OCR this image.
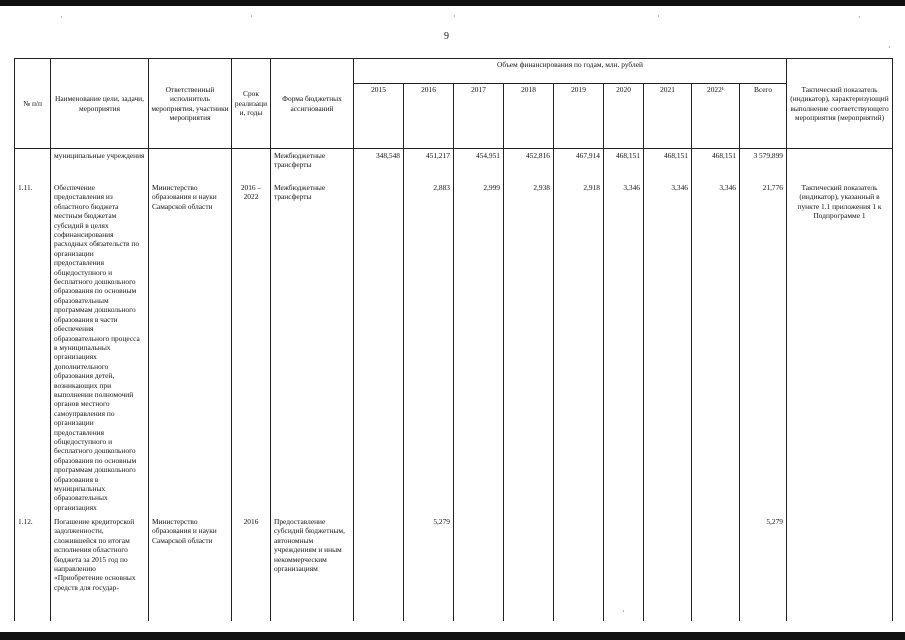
·	·	·	·	·
·
·
9
№ п/п	Наименование цели, задачи, мероприятия	Ответственный исполнитель мероприятия, участники мероприятия	Срок реализации, годы	Форма бюджетных ассигнований	Объем финансирования по годам, млн. рублей									Тактический показатель (индикатор), характеризующий выполнение соответствующего мероприятия (мероприятий)
					2015	2016	2017	2018	2019	2020	2021	2022¹	Всего	
	муниципальные учреждения			Межбюджетные трансферты	348,548	451,217	454,951	452,816	467,914	468,151	468,151	468,151	3 579,899	
1.11.	Обеспечение предоставления из областного бюджета местным бюджетам субсидий в целях софинансирования расходных обязательств по организации предоставления общедоступного и бесплатного дошкольного образования по основным образовательным программам дошкольного образования в части обеспечения образовательного процесса в муниципальных организациях дополнительного образования детей, возникающих при выполнении полномочий органов местного самоуправления по организации предоставления общедоступного и бесплатного дошкольного образования по основным программам дошкольного образования в муниципальных образовательных организациях	Министерство образования и науки Самарской области	2016 – 2022	Межбюджетные трансферты		2,883	2,999	2,938	2,918	3,346	3,346	3,346	21,776	Тактический показатель (индикатор), указанный в пункте 1.1 приложения 1 к Подпрограмме 1
1.12.	Погашение кредиторской задолженности, сложившейся по итогам исполнения областного бюджета за 2015 год по направлению «Приобретение основных средств для государ-	Министерство образования и науки Самарской области	2016	Предоставление субсидий бюджетным, автономным учреждениям и иным некоммерческим организациям		5,279							5,279	
